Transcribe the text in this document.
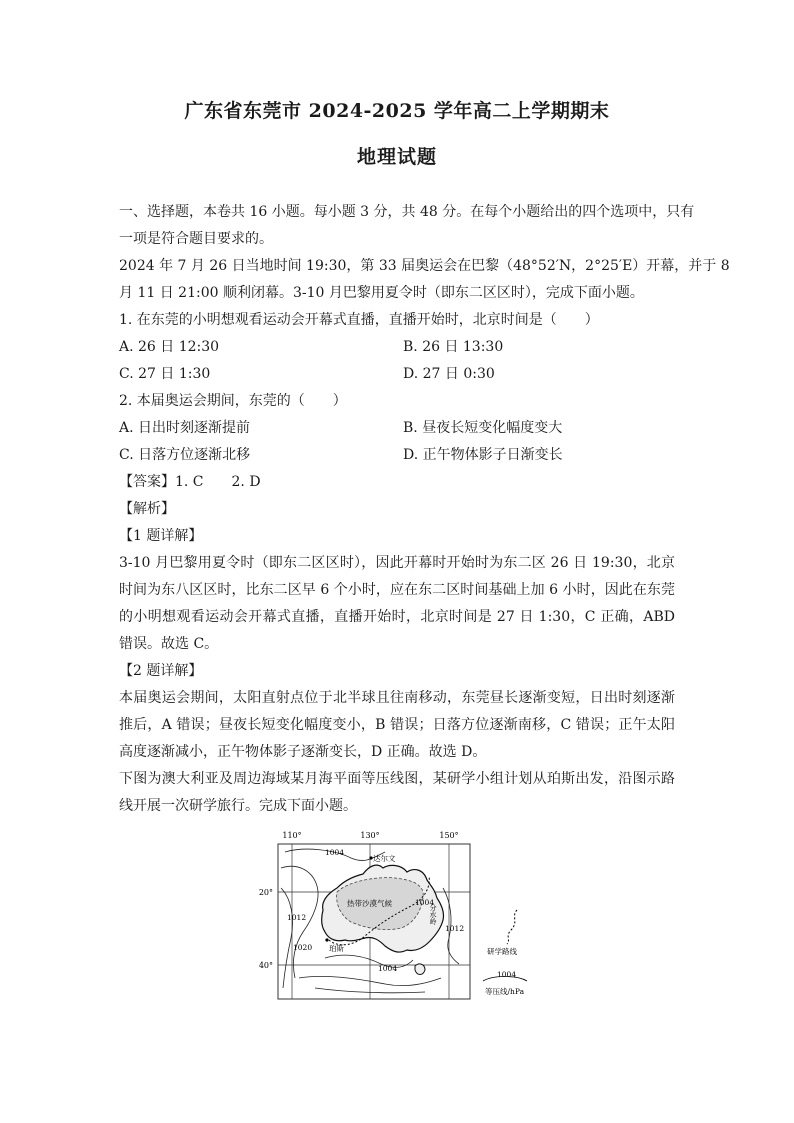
广东省东莞市 2024-2025 学年高二上学期期末
地理试题
一、选择题，本卷共 16 小题。每小题 3 分，共 48 分。在每个小题给出的四个选项中，只有
一项是符合题目要求的。
2024 年 7 月 26 日当地时间 19:30，第 33 届奥运会在巴黎（48°52′N，2°25′E）开幕，并于 8
月 11 日 21:00 顺利闭幕。3-10 月巴黎用夏令时（即东二区区时），完成下面小题。
1. 在东莞的小明想观看运动会开幕式直播，直播开始时，北京时间是（　　）
A. 26 日 12:30	B. 26 日 13:30
C. 27 日 1:30	D. 27 日 0:30
2. 本届奥运会期间，东莞的（　　）
A. 日出时刻逐渐提前	B. 昼夜长短变化幅度变大
C. 日落方位逐渐北移	D. 正午物体影子日渐变长
【答案】1. C　　2. D
【解析】
【1 题详解】
3-10 月巴黎用夏令时（即东二区区时），因此开幕时开始时为东二区 26 日 19:30，北京时间为东八区区时，比东二区早 6 个小时，应在东二区时间基础上加 6 小时，因此在东莞的小明想观看运动会开幕式直播，直播开始时，北京时间是 27 日 1:30，C 正确，ABD 错误。故选 C。
【2 题详解】
本届奥运会期间，太阳直射点位于北半球且往南移动，东莞昼长逐渐变短，日出时刻逐渐推后，A 错误；昼夜长短变化幅度变小，B 错误；日落方位逐渐南移，C 错误；正午太阳高度逐渐减小，正午物体影子逐渐变长，D 正确。故选 D。
下图为澳大利亚及周边海域某月海平面等压线图，某研学小组计划从珀斯出发，沿图示路线开展一次研学旅行。完成下面小题。
110°	130°	150°
20°
40°
1004
1012
1020
1004
1004
1012
达尔文
珀斯
热带沙漠气候
分水岭
研学路线
1004
等压线/hPa
